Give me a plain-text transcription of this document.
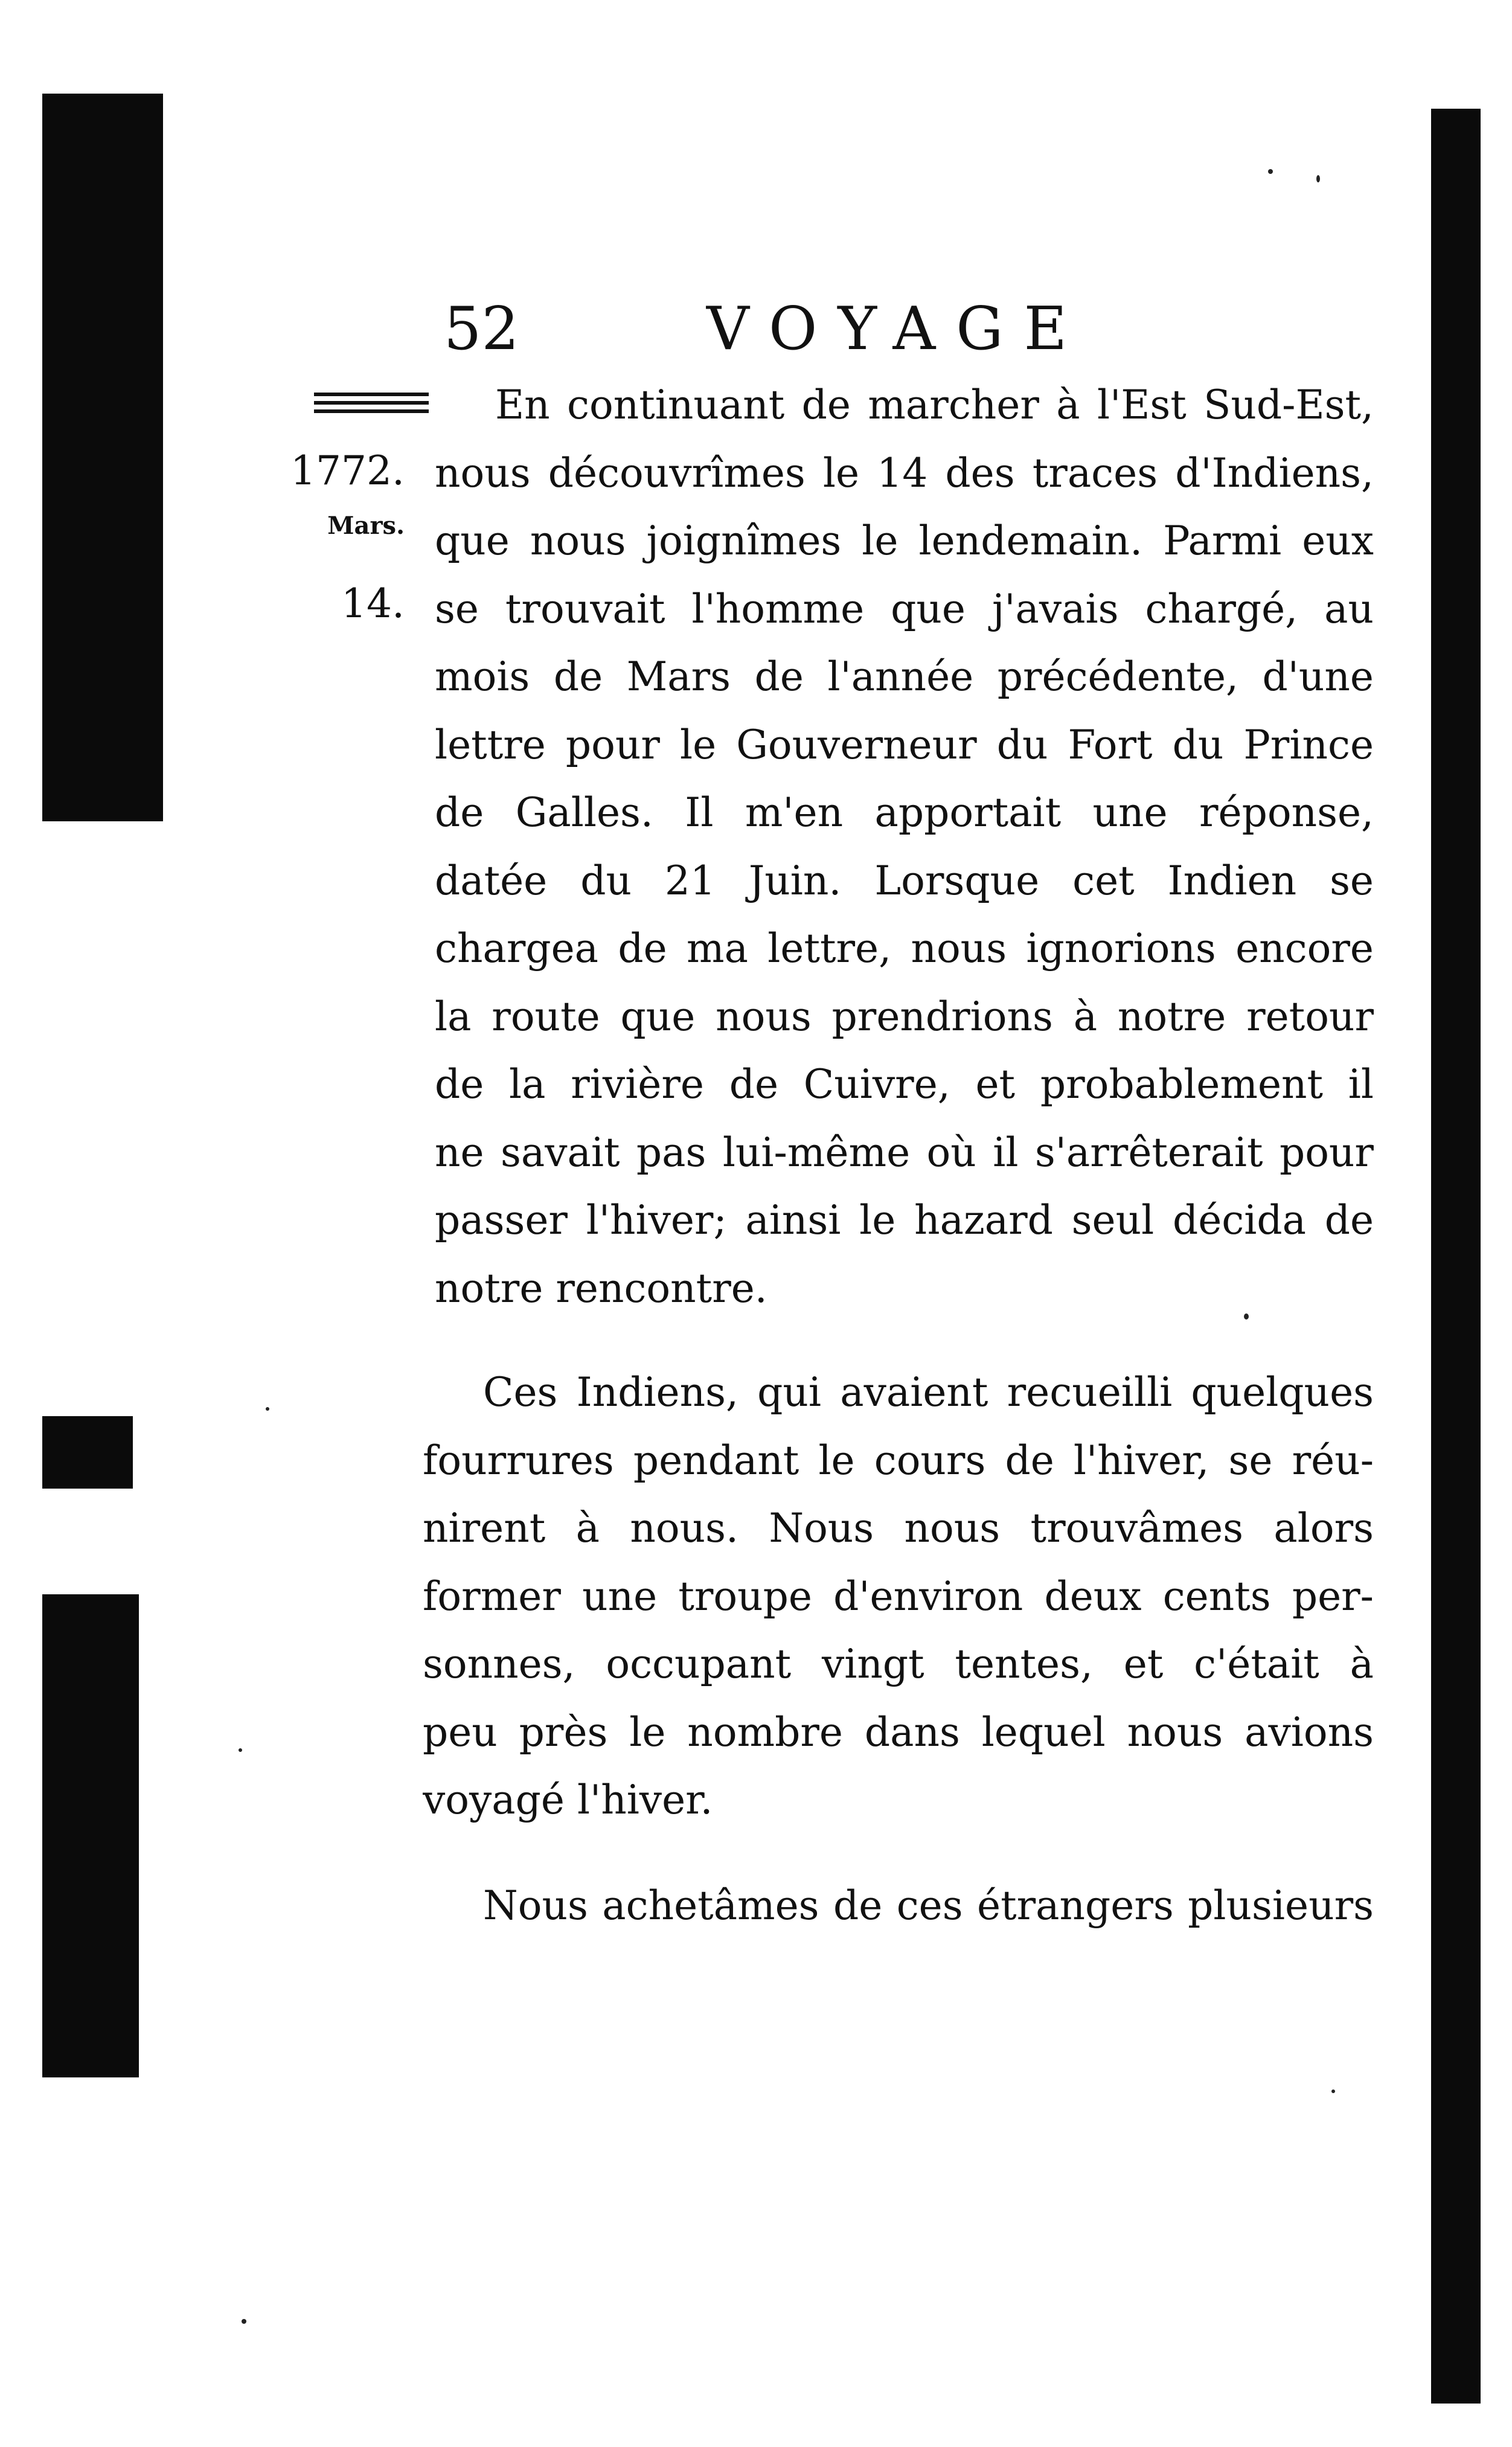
52	VOYAGE
1772.
Mars.
14.
En continuant de marcher à l'Est Sud-Est,
nous découvrîmes le 14 des traces d'Indiens,
que nous joignîmes le lendemain. Parmi eux
se trouvait l'homme que j'avais chargé, au
mois de Mars de l'année précédente, d'une
lettre pour le Gouverneur du Fort du Prince
de Galles. Il m'en apportait une réponse,
datée du 21 Juin. Lorsque cet Indien se
chargea de ma lettre, nous ignorions encore
la route que nous prendrions à notre retour
de la rivière de Cuivre, et probablement il
ne savait pas lui-même où il s'arrêterait pour
passer l'hiver; ainsi le hazard seul décida de
notre rencontre.
Ces Indiens, qui avaient recueilli quelques
fourrures pendant le cours de l'hiver, se réu-
nirent à nous. Nous nous trouvâmes alors
former une troupe d'environ deux cents per-
sonnes, occupant vingt tentes, et c'était à
peu près le nombre dans lequel nous avions
voyagé l'hiver.
Nous achetâmes de ces étrangers plusieurs
